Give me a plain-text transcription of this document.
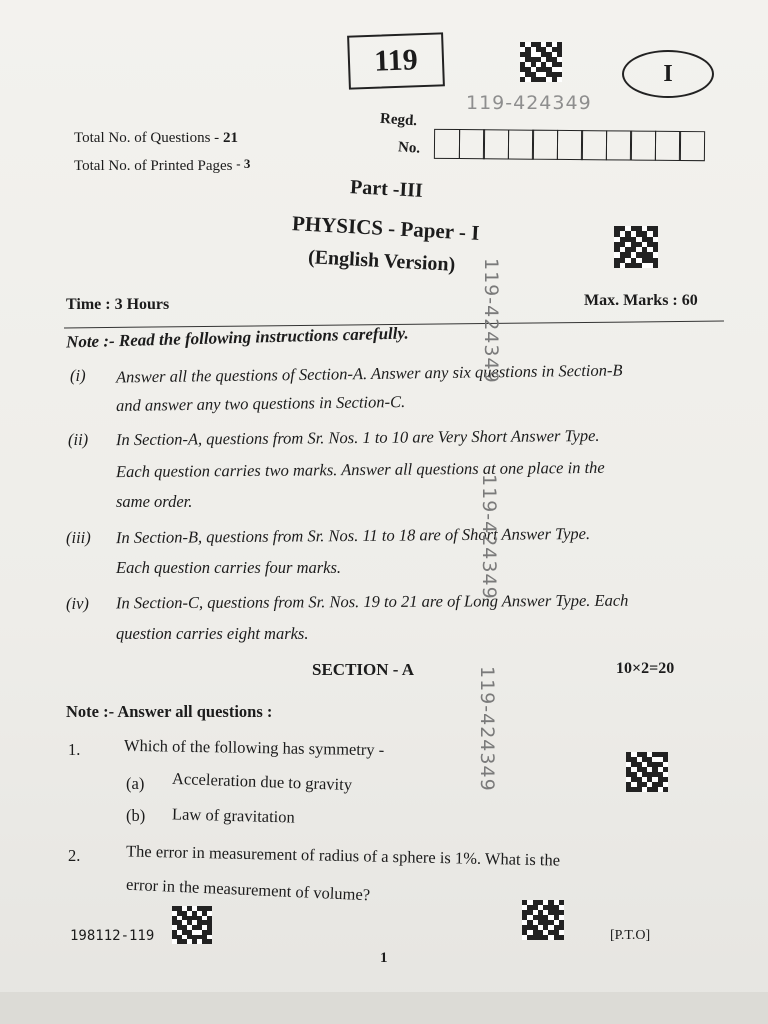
119	I
119-424349
Total No. of Questions - 21
Total No. of Printed Pages - 3
Regd.
No.
Part -III
PHYSICS - Paper - I
(English Version)
Time : 3 Hours	Max. Marks : 60
Note :- Read the following instructions carefully.
(i) Answer all the questions of Section-A. Answer any six questions in Section-B
and answer any two questions in Section-C.
(ii) In Section-A, questions from Sr. Nos. 1 to 10 are Very Short Answer Type.
Each question carries two marks. Answer all questions at one place in the
same order.
(iii) In Section-B, questions from Sr. Nos. 11 to 18 are of Short Answer Type.
Each question carries four marks.
(iv) In Section-C, questions from Sr. Nos. 19 to 21 are of Long Answer Type. Each
question carries eight marks.
SECTION - A	10×2=20
Note :- Answer all questions :
1.	Which of the following has symmetry -
(a) Acceleration due to gravity
(b) Law of gravitation
2.	The error in measurement of radius of a sphere is 1%. What is the
error in the measurement of volume?
119-424349
119-424349
119-424349
198112-119	[P.T.O]
1
